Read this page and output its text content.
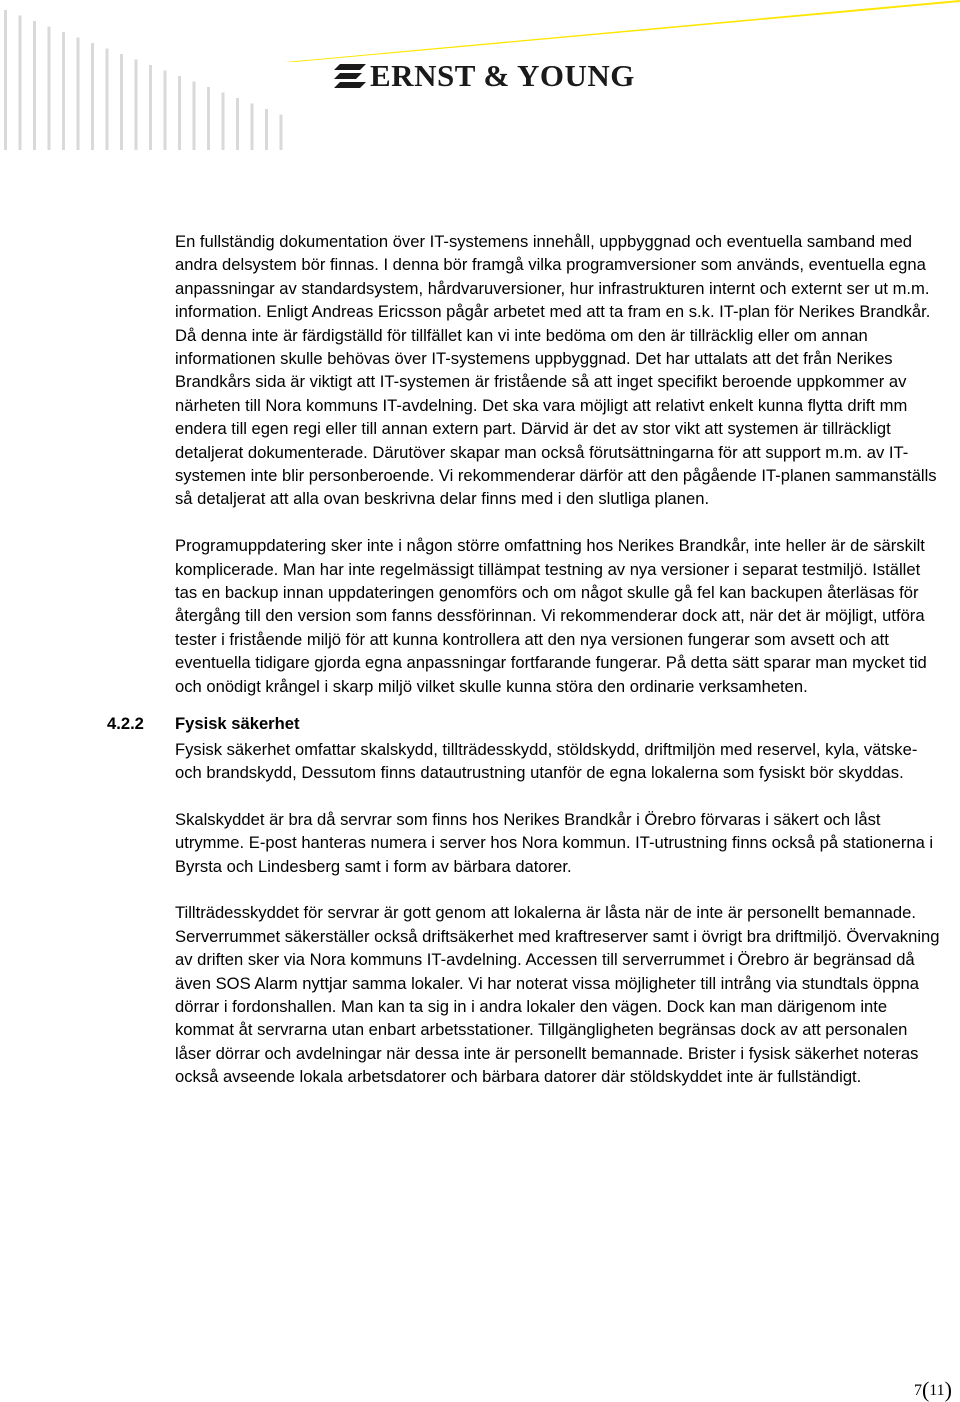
ERNST & YOUNG

En fullständig dokumentation över IT-systemens innehåll, uppbyggnad och eventuella samband med andra delsystem bör finnas. I denna bör framgå vilka programversioner som används, eventuella egna anpassningar av standardsystem, hårdvaruversioner, hur infrastrukturen internt och externt ser ut m.m. information. Enligt Andreas Ericsson pågår arbetet med att ta fram en s.k. IT-plan för Nerikes Brandkår. Då denna inte är färdigställd för tillfället kan vi inte bedöma om den är tillräcklig eller om annan informationen skulle behövas över IT-systemens uppbyggnad. Det har uttalats att det från Nerikes Brandkårs sida är viktigt att IT-systemen är fristående så att inget specifikt beroende uppkommer av närheten till Nora kommuns IT-avdelning. Det ska vara möjligt att relativt enkelt kunna flytta drift mm endera till egen regi eller till annan extern part. Därvid är det av stor vikt att systemen är tillräckligt detaljerat dokumenterade. Därutöver skapar man också förutsättningarna för att support m.m. av IT-systemen inte blir personberoende. Vi rekommenderar därför att den pågående IT-planen sammanställs så detaljerat att alla ovan beskrivna delar finns med i den slutliga planen.

Programuppdatering sker inte i någon större omfattning hos Nerikes Brandkår, inte heller är de särskilt komplicerade. Man har inte regelmässigt tillämpat testning av nya versioner i separat testmiljö. Istället tas en backup innan uppdateringen genomförs och om något skulle gå fel kan backupen återläsas för återgång till den version som fanns dessförinnan. Vi rekommenderar dock att, när det är möjligt, utföra tester i fristående miljö för att kunna kontrollera att den nya versionen fungerar som avsett och att eventuella tidigare gjorda egna anpassningar fortfarande fungerar. På detta sätt sparar man mycket tid och onödigt krångel i skarp miljö vilket skulle kunna störa den ordinarie verksamheten.

4.2.2 Fysisk säkerhet

Fysisk säkerhet omfattar skalskydd, tillträdesskydd, stöldskydd, driftmiljön med reservel, kyla, vätske- och brandskydd, Dessutom finns datautrustning utanför de egna lokalerna som fysiskt bör skyddas.

Skalskyddet är bra då servrar som finns hos Nerikes Brandkår i Örebro förvaras i säkert och låst utrymme. E-post hanteras numera i server hos Nora kommun. IT-utrustning finns också på stationerna i Byrsta och Lindesberg samt i form av bärbara datorer.

Tillträdesskyddet för servrar är gott genom att lokalerna är låsta när de inte är personellt bemannade. Serverrummet säkerställer också driftsäkerhet med kraftreserver samt i övrigt bra driftmiljö. Övervakning av driften sker via Nora kommuns IT-avdelning. Accessen till serverrummet i Örebro är begränsad då även SOS Alarm nyttjar samma lokaler. Vi har noterat vissa möjligheter till intrång via stundtals öppna dörrar i fordonshallen. Man kan ta sig in i andra lokaler den vägen. Dock kan man därigenom inte kommat åt servrarna utan enbart arbetsstationer. Tillgängligheten begränsas dock av att personalen låser dörrar och avdelningar när dessa inte är personellt bemannade. Brister i fysisk säkerhet noteras också avseende lokala arbetsdatorer och bärbara datorer där stöldskyddet inte är fullständigt.

7(11)
